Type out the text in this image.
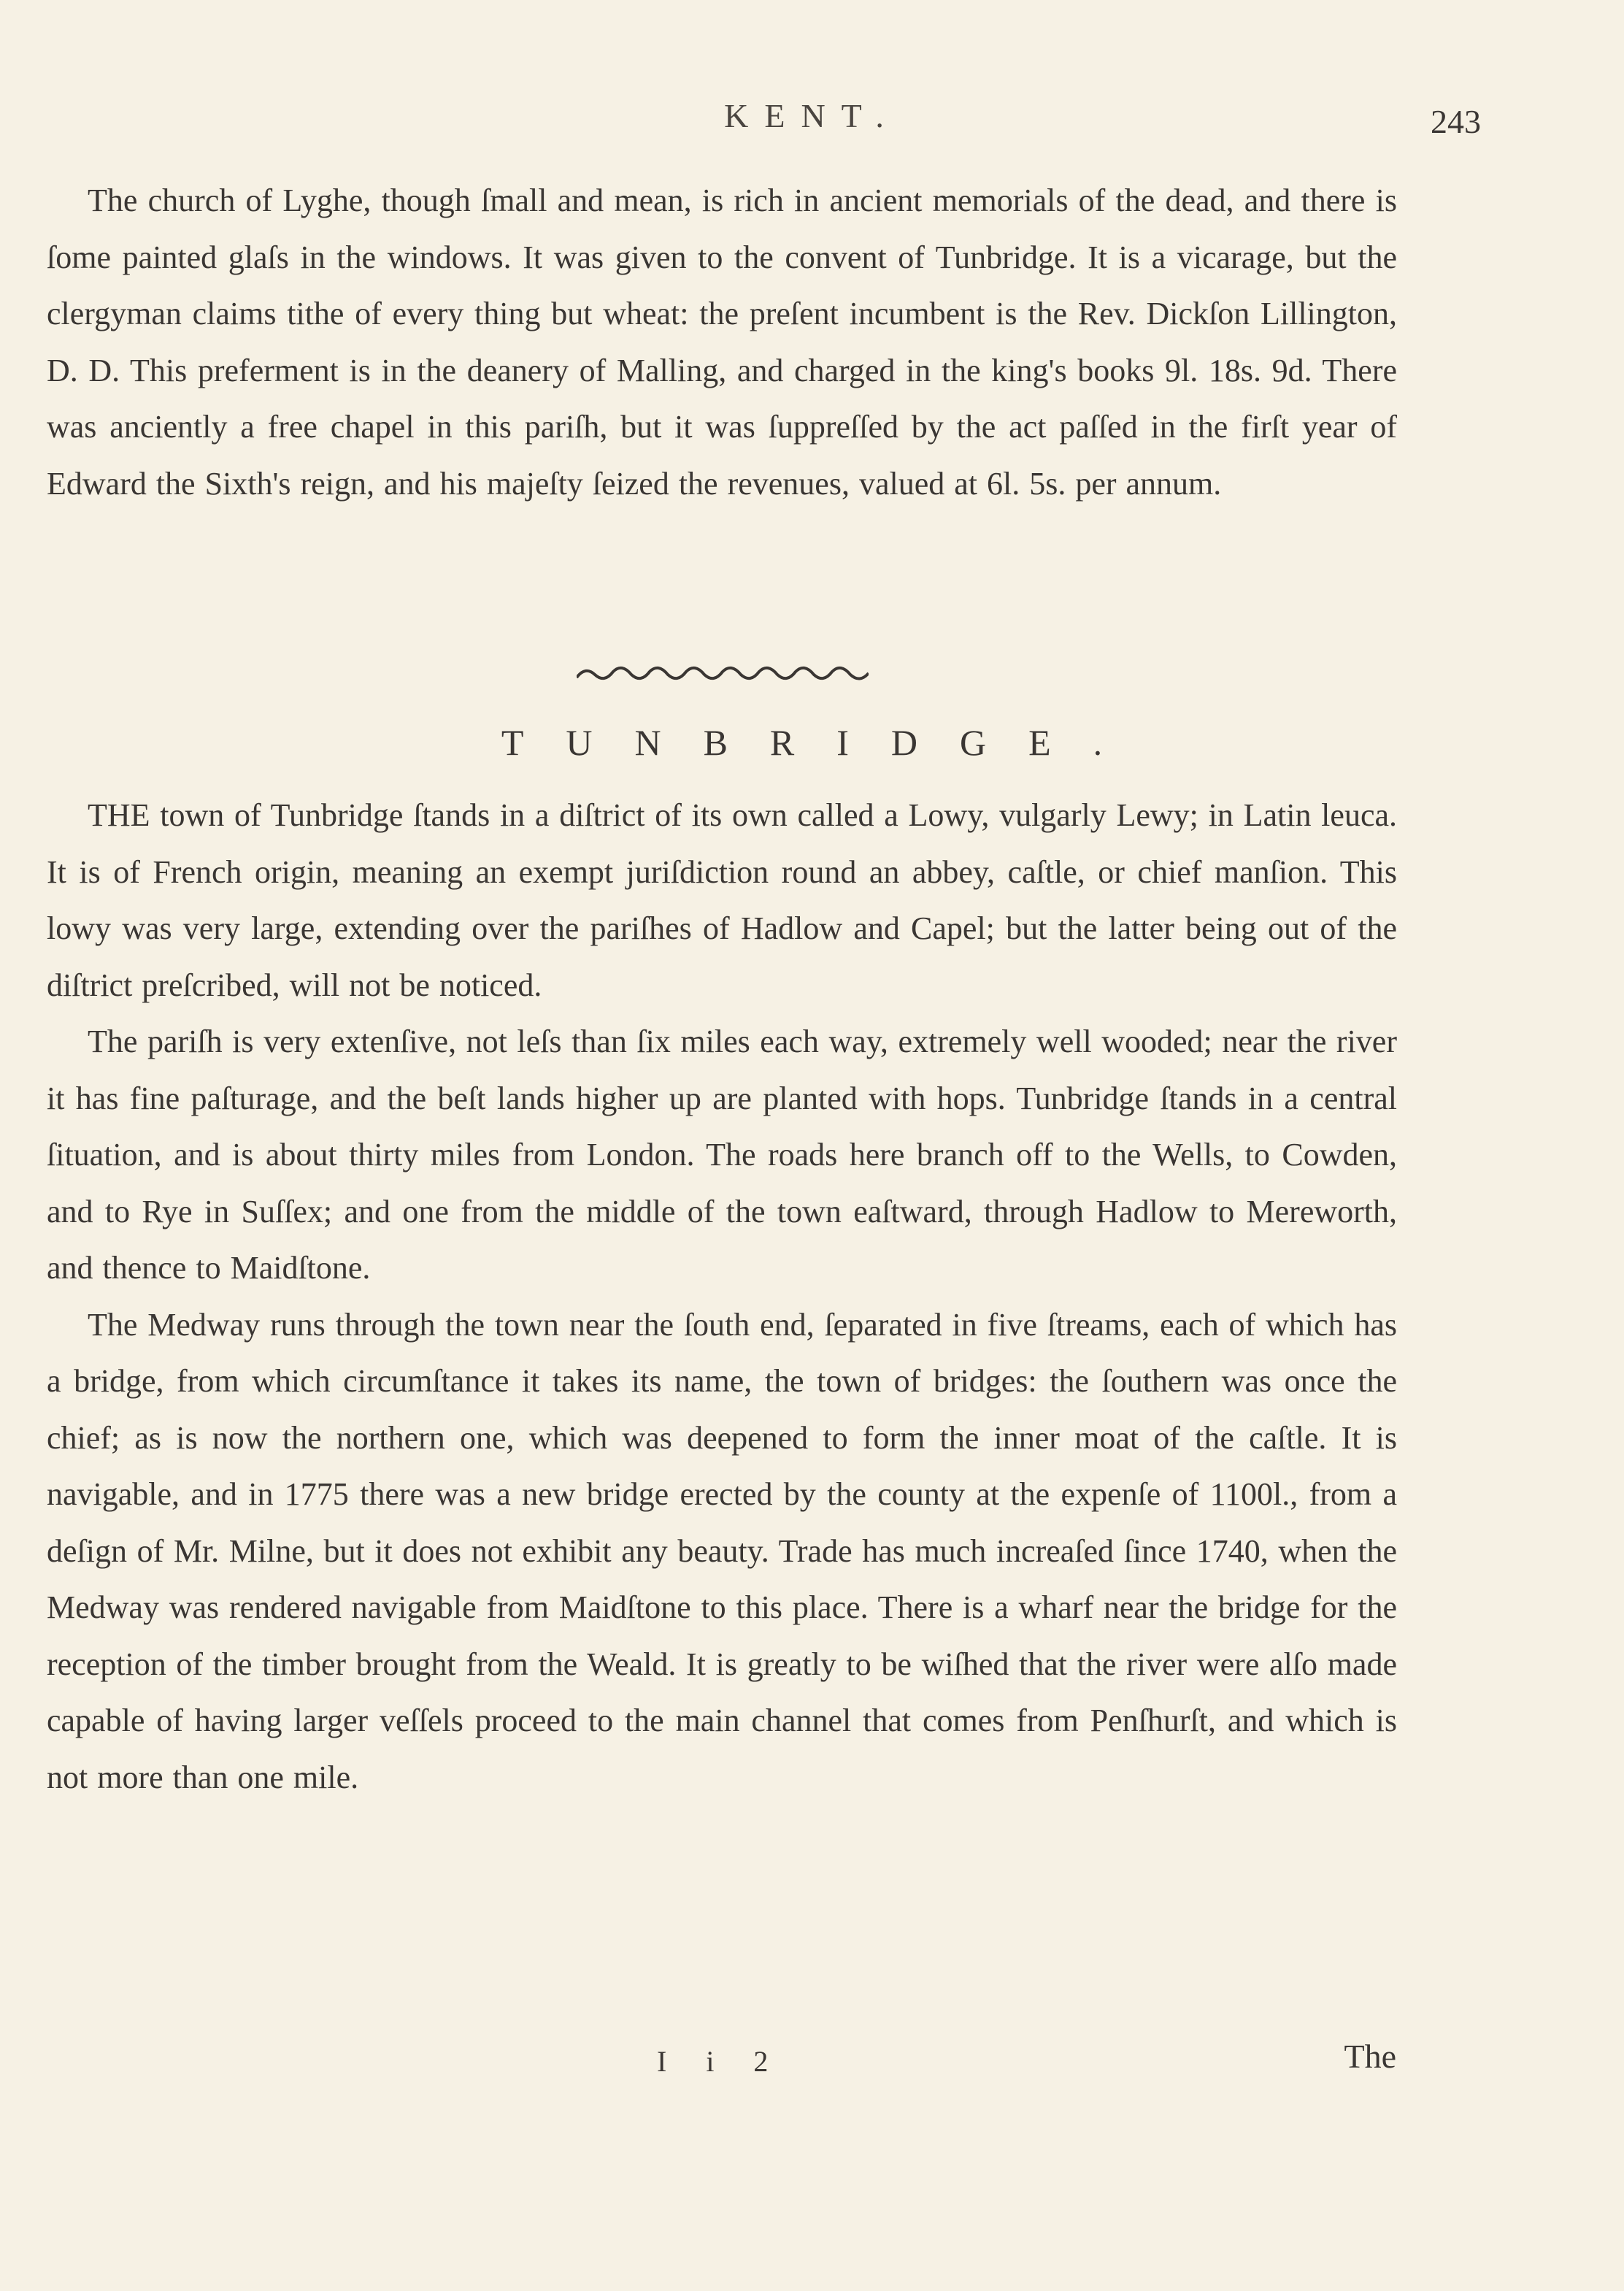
KENT.	243

The church of Lyghe, though ſmall and mean, is rich in ancient memorials of the dead, and there is ſome painted glaſs in the windows. It was given to the convent of Tunbridge. It is a vicarage, but the clergyman claims tithe of every thing but wheat: the preſent incumbent is the Rev. Dickſon Lillington, D. D. This preferment is in the deanery of Malling, and charged in the king's books 9l. 18s. 9d. There was anciently a free chapel in this pariſh, but it was ſuppreſſed by the act paſſed in the firſt year of Edward the Sixth's reign, and his majeſty ſeized the revenues, valued at 6l. 5s. per annum.

TUNBRIDGE.

THE town of Tunbridge ſtands in a diſtrict of its own called a Lowy, vulgarly Lewy; in Latin leuca. It is of French origin, meaning an exempt juriſdiction round an abbey, caſtle, or chief manſion. This lowy was very large, extending over the pariſhes of Hadlow and Capel; but the latter being out of the diſtrict preſcribed, will not be noticed.

The pariſh is very extenſive, not leſs than ſix miles each way, extremely well wooded; near the river it has fine paſturage, and the beſt lands higher up are planted with hops. Tunbridge ſtands in a central ſituation, and is about thirty miles from London. The roads here branch off to the Wells, to Cowden, and to Rye in Suſſex; and one from the middle of the town eaſtward, through Hadlow to Mereworth, and thence to Maidſtone.

The Medway runs through the town near the ſouth end, ſeparated in five ſtreams, each of which has a bridge, from which circumſtance it takes its name, the town of bridges: the ſouthern was once the chief; as is now the northern one, which was deepened to form the inner moat of the caſtle. It is navigable, and in 1775 there was a new bridge erected by the county at the expenſe of 1100l., from a deſign of Mr. Milne, but it does not exhibit any beauty. Trade has much increaſed ſince 1740, when the Medway was rendered navigable from Maidſtone to this place. There is a wharf near the bridge for the reception of the timber brought from the Weald. It is greatly to be wiſhed that the river were alſo made capable of having larger veſſels proceed to the main channel that comes from Penſhurſt, and which is not more than one mile.

I i 2	The
